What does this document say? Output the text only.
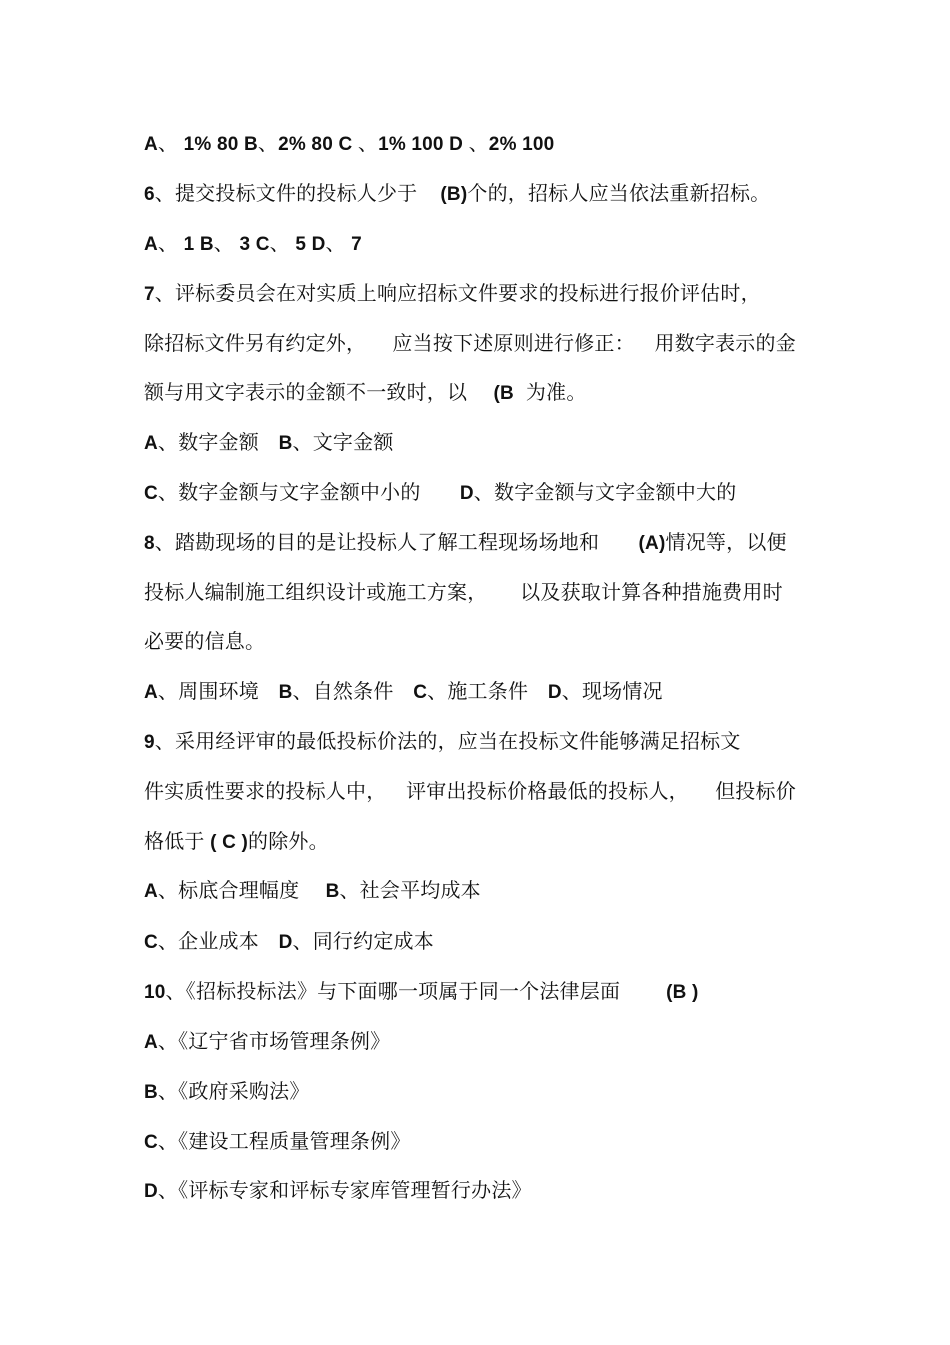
A、 1% 80 B、2% 80 C 、1% 100 D 、2% 100
6、提交投标文件的投标人少于    (B)个的，招标人应当依法重新招标。
A、 1 B、 3 C、 5 D、 7
7、评标委员会在对实质上响应招标文件要求的投标进行报价评估时，
除招标文件另有约定外，    应当按下述原则进行修正：   用数字表示的金
额与用文字表示的金额不一致时，以    (B  为准。
A、数字金额   B、文字金额
C、数字金额与文字金额中小的      D、数字金额与文字金额中大的
8、踏勘现场的目的是让投标人了解工程现场场地和      (A)情况等，以便
投标人编制施工组织设计或施工方案，     以及获取计算各种措施费用时
必要的信息。
A、周围环境   B、自然条件   C、施工条件   D、现场情况
9、采用经评审的最低投标价法的，应当在投标文件能够满足招标文
件实质性要求的投标人中，   评审出投标价格最低的投标人，    但投标价
格低于 ( C )的除外。
A、标底合理幅度    B、社会平均成本
C、企业成本   D、同行约定成本
10、《招标投标法》与下面哪一项属于同一个法律层面       (B )
A、《辽宁省市场管理条例》
B、《政府采购法》
C、《建设工程质量管理条例》
D、《评标专家和评标专家库管理暂行办法》
